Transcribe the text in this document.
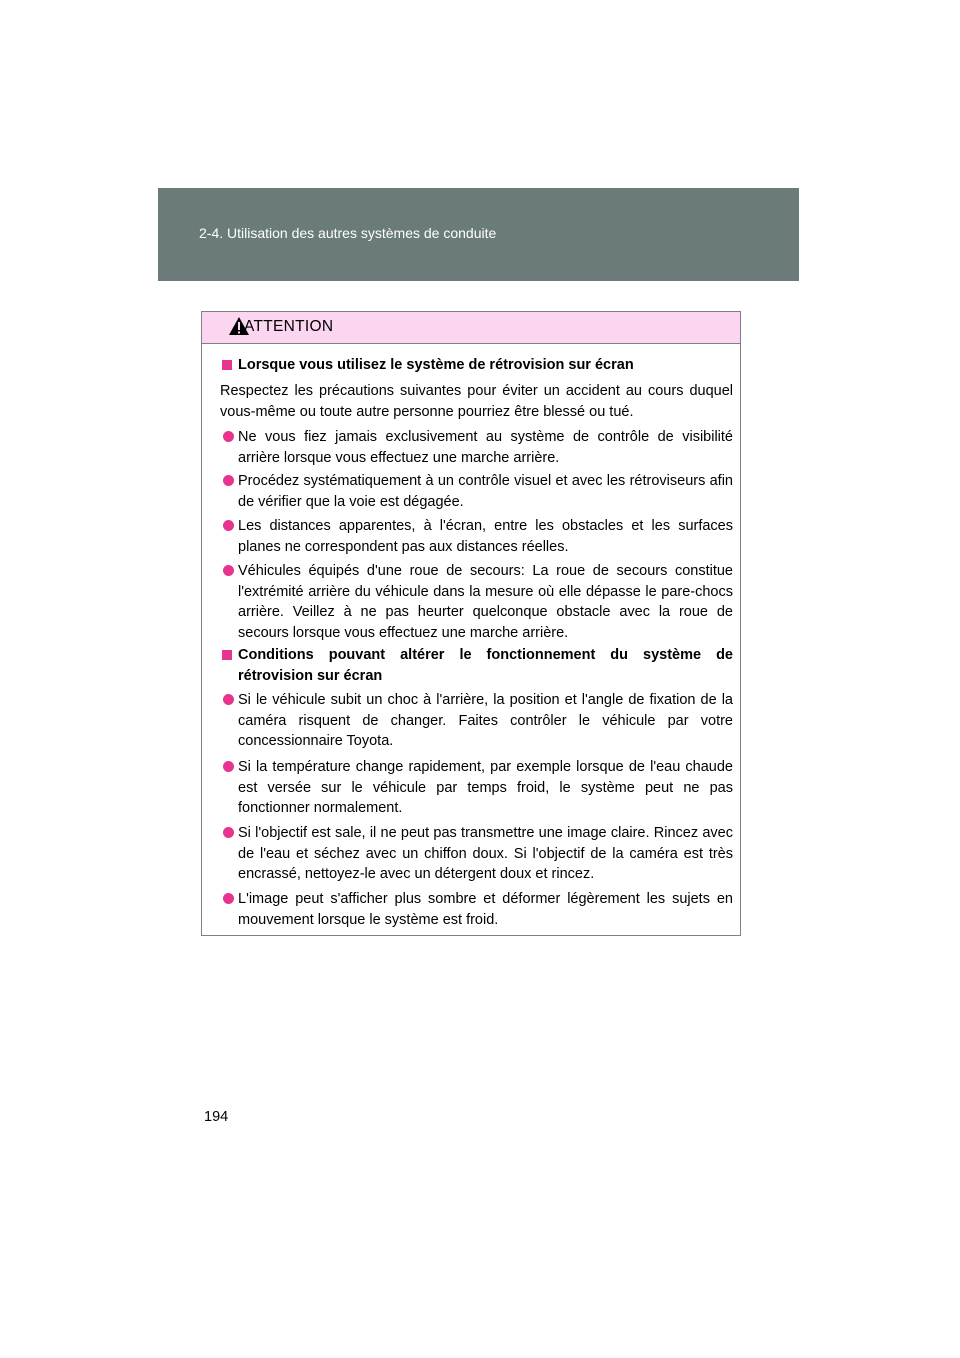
2-4. Utilisation des autres systèmes de conduite
ATTENTION
Lorsque vous utilisez le système de rétrovision sur écran
Respectez les précautions suivantes pour éviter un accident au cours duquel vous-même ou toute autre personne pourriez être blessé ou tué.
Ne vous fiez jamais exclusivement au système de contrôle de visibilité arrière lorsque vous effectuez une marche arrière.
Procédez systématiquement à un contrôle visuel et avec les rétroviseurs afin de vérifier que la voie est dégagée.
Les distances apparentes, à l'écran, entre les obstacles et les surfaces planes ne correspondent pas aux distances réelles.
Véhicules équipés d'une roue de secours: La roue de secours constitue l'extrémité arrière du véhicule dans la mesure où elle dépasse le pare-chocs arrière. Veillez à ne pas heurter quelconque obstacle avec la roue de secours lorsque vous effectuez une marche arrière.
Conditions pouvant altérer le fonctionnement du système de rétrovision sur écran
Si le véhicule subit un choc à l'arrière, la position et l'angle de fixation de la caméra risquent de changer. Faites contrôler le véhicule par votre concessionnaire Toyota.
Si la température change rapidement, par exemple lorsque de l'eau chaude est versée sur le véhicule par temps froid, le système peut ne pas fonctionner normalement.
Si l'objectif est sale, il ne peut pas transmettre une image claire. Rincez avec de l'eau et séchez avec un chiffon doux. Si l'objectif de la caméra est très encrassé, nettoyez-le avec un détergent doux et rincez.
L'image peut s'afficher plus sombre et déformer légèrement les sujets en mouvement lorsque le système est froid.
194
